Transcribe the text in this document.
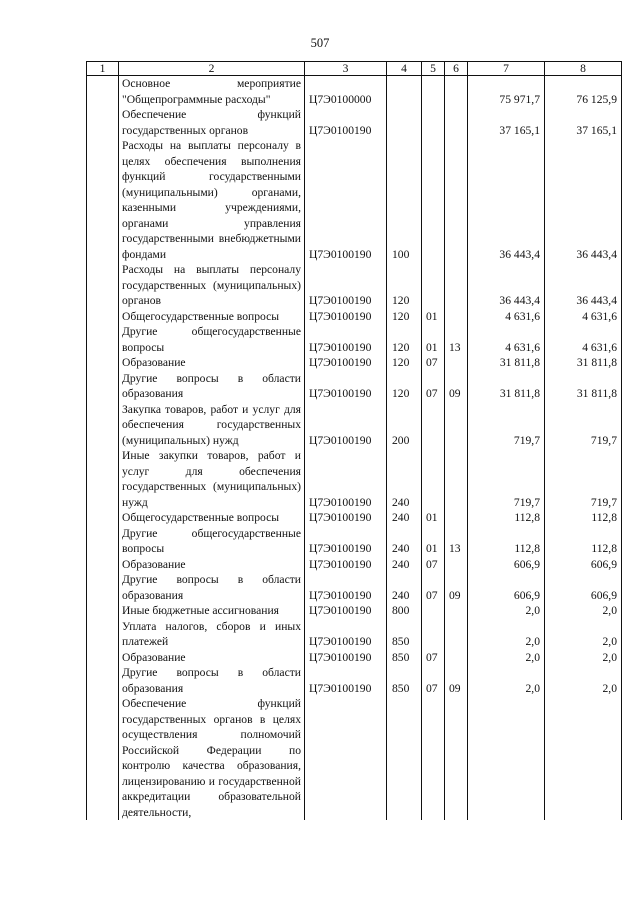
507
1	2	3	4	5	6	7	8
	Основное мероприятие "Общепрограммные расходы"	Ц7Э0100000				75 971,7	76 125,9
	Обеспечение функций государственных органов	Ц7Э0100190				37 165,1	37 165,1
	Расходы на выплаты персоналу в целях обеспечения выполнения функций государственными (муниципальными) органами, казенными учреждениями, органами управления государственными внебюджетными фондами	Ц7Э0100190	100			36 443,4	36 443,4
	Расходы на выплаты персоналу государственных (муниципальных) органов	Ц7Э0100190	120			36 443,4	36 443,4
	Общегосударственные вопросы	Ц7Э0100190	120	01		4 631,6	4 631,6
	Другие общегосударственные вопросы	Ц7Э0100190	120	01	13	4 631,6	4 631,6
	Образование	Ц7Э0100190	120	07		31 811,8	31 811,8
	Другие вопросы в области образования	Ц7Э0100190	120	07	09	31 811,8	31 811,8
	Закупка товаров, работ и услуг для обеспечения государственных (муниципальных) нужд	Ц7Э0100190	200			719,7	719,7
	Иные закупки товаров, работ и услуг для обеспечения государственных (муниципальных) нужд	Ц7Э0100190	240			719,7	719,7
	Общегосударственные вопросы	Ц7Э0100190	240	01		112,8	112,8
	Другие общегосударственные вопросы	Ц7Э0100190	240	01	13	112,8	112,8
	Образование	Ц7Э0100190	240	07		606,9	606,9
	Другие вопросы в области образования	Ц7Э0100190	240	07	09	606,9	606,9
	Иные бюджетные ассигнования	Ц7Э0100190	800			2,0	2,0
	Уплата налогов, сборов и иных платежей	Ц7Э0100190	850			2,0	2,0
	Образование	Ц7Э0100190	850	07		2,0	2,0
	Другие вопросы в области образования	Ц7Э0100190	850	07	09	2,0	2,0
	Обеспечение функций государственных органов в целях осуществления полномочий Российской Федерации по контролю качества образования, лицензированию и государственной аккредитации образовательной деятельности,						
